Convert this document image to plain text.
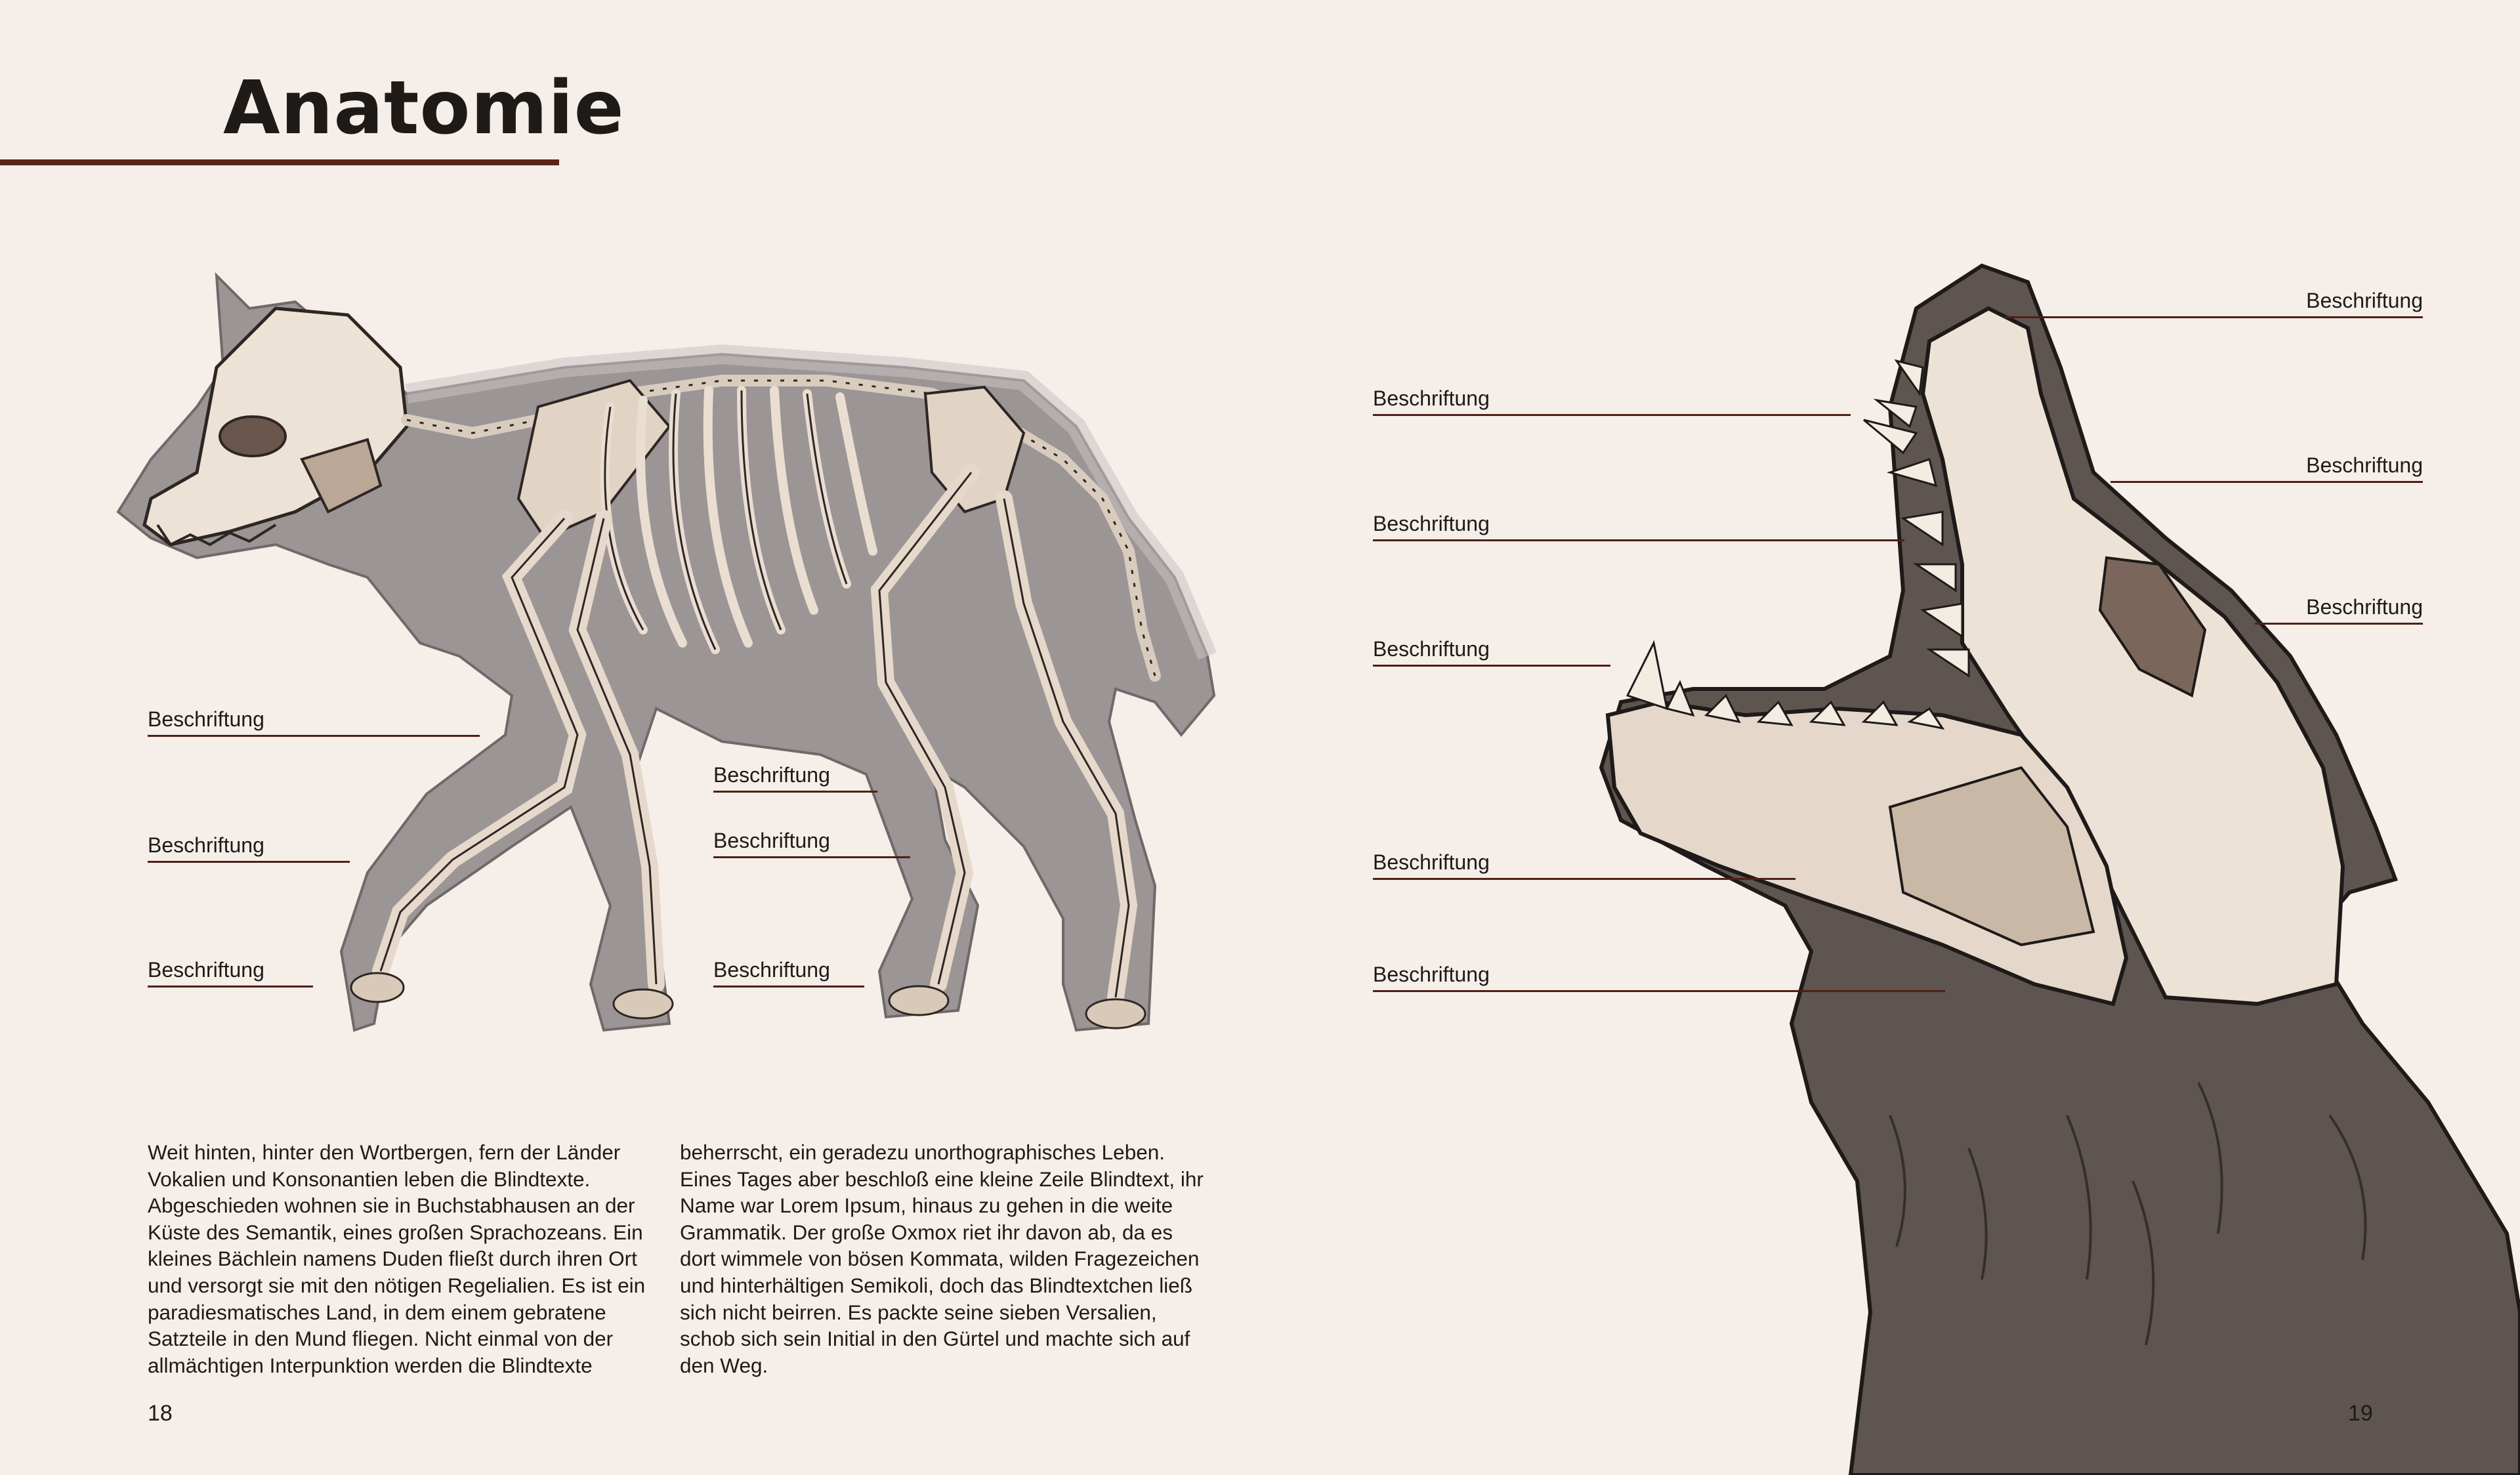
Anatomie
Beschriftung
Beschriftung
Beschriftung
Beschriftung
Beschriftung
Beschriftung
Beschriftung
Beschriftung
Beschriftung
Beschriftung
Beschriftung
Beschriftung
Beschriftung
Beschriftung

Weit hinten, hinter den Wortbergen, fern der Länder Vokalien und Konsonantien leben die Blindtexte. Abgeschieden wohnen sie in Buchstabhausen an der Küste des Semantik, eines großen Sprachozeans. Ein kleines Bächlein namens Duden fließt durch ihren Ort und versorgt sie mit den nötigen Regelialien. Es ist ein paradiesmatisches Land, in dem einem gebratene Satzteile in den Mund fliegen. Nicht einmal von der allmächtigen Interpunktion werden die Blindtexte

beherrscht, ein geradezu unorthographisches Leben. Eines Tages aber beschloß eine kleine Zeile Blindtext, ihr Name war Lorem Ipsum, hinaus zu gehen in die weite Grammatik. Der große Oxmox riet ihr davon ab, da es dort wimmele von bösen Kommata, wilden Fragezeichen und hinterhältigen Semikoli, doch das Blindtextchen ließ sich nicht beirren. Es packte seine sieben Versalien, schob sich sein Initial in den Gürtel und machte sich auf den Weg.

18	19
